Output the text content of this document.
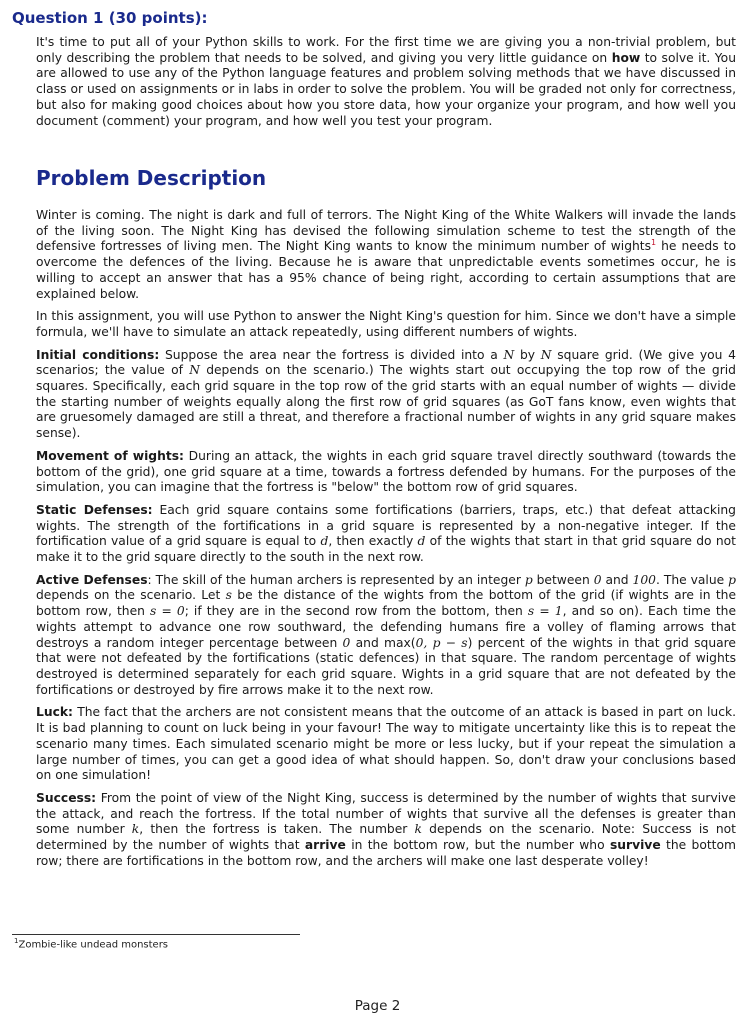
Question 1 (30 points):

It's time to put all of your Python skills to work. For the first time we are giving you a non-trivial problem, but only describing the problem that needs to be solved, and giving you very little guidance on how to solve it. You are allowed to use any of the Python language features and problem solving methods that we have discussed in class or used on assignments or in labs in order to solve the problem. You will be graded not only for correctness, but also for making good choices about how you store data, how your organize your program, and how well you document (comment) your program, and how well you test your program.

Problem Description

Winter is coming. The night is dark and full of terrors. The Night King of the White Walkers will invade the lands of the living soon. The Night King has devised the following simulation scheme to test the strength of the defensive fortresses of living men. The Night King wants to know the minimum number of wights$^1$ he needs to overcome the defences of the living. Because he is aware that unpredictable events sometimes occur, he is willing to accept an answer that has a 95% chance of being right, according to certain assumptions that are explained below.

In this assignment, you will use Python to answer the Night King's question for him. Since we don't have a simple formula, we'll have to simulate an attack repeatedly, using different numbers of wights.

Initial conditions: Suppose the area near the fortress is divided into a N by N square grid. (We give you 4 scenarios; the value of N depends on the scenario.) The wights start out occupying the top row of the grid squares. Specifically, each grid square in the top row of the grid starts with an equal number of wights — divide the starting number of weights equally along the first row of grid squares (as GoT fans know, even wights that are gruesomely damaged are still a threat, and therefore a fractional number of wights in any grid square makes sense).

Movement of wights: During an attack, the wights in each grid square travel directly southward (towards the bottom of the grid), one grid square at a time, towards a fortress defended by humans. For the purposes of the simulation, you can imagine that the fortress is "below" the bottom row of grid squares.

Static Defenses: Each grid square contains some fortifications (barriers, traps, etc.) that defeat attacking wights. The strength of the fortifications in a grid square is represented by a non-negative integer. If the fortification value of a grid square is equal to d, then exactly d of the wights that start in that grid square do not make it to the grid square directly to the south in the next row.

Active Defenses: The skill of the human archers is represented by an integer p between 0 and 100. The value p depends on the scenario. Let s be the distance of the wights from the bottom of the grid (if wights are in the bottom row, then s = 0; if they are in the second row from the bottom, then s = 1, and so on). Each time the wights attempt to advance one row southward, the defending humans fire a volley of flaming arrows that destroys a random integer percentage between 0 and max(0, p − s) percent of the wights in that grid square that were not defeated by the fortifications (static defences) in that square. The random percentage of wights destroyed is determined separately for each grid square. Wights in a grid square that are not defeated by the fortifications or destroyed by fire arrows make it to the next row.

Luck: The fact that the archers are not consistent means that the outcome of an attack is based in part on luck. It is bad planning to count on luck being in your favour! The way to mitigate uncertainty like this is to repeat the scenario many times. Each simulated scenario might be more or less lucky, but if your repeat the simulation a large number of times, you can get a good idea of what should happen. So, don't draw your conclusions based on one simulation!

Success: From the point of view of the Night King, success is determined by the number of wights that survive the attack, and reach the fortress. If the total number of wights that survive all the defenses is greater than some number k, then the fortress is taken. The number k depends on the scenario. Note: Success is not determined by the number of wights that arrive in the bottom row, but the number who survive the bottom row; there are fortifications in the bottom row, and the archers will make one last desperate volley!

$^1$Zombie-like undead monsters
Page 2
